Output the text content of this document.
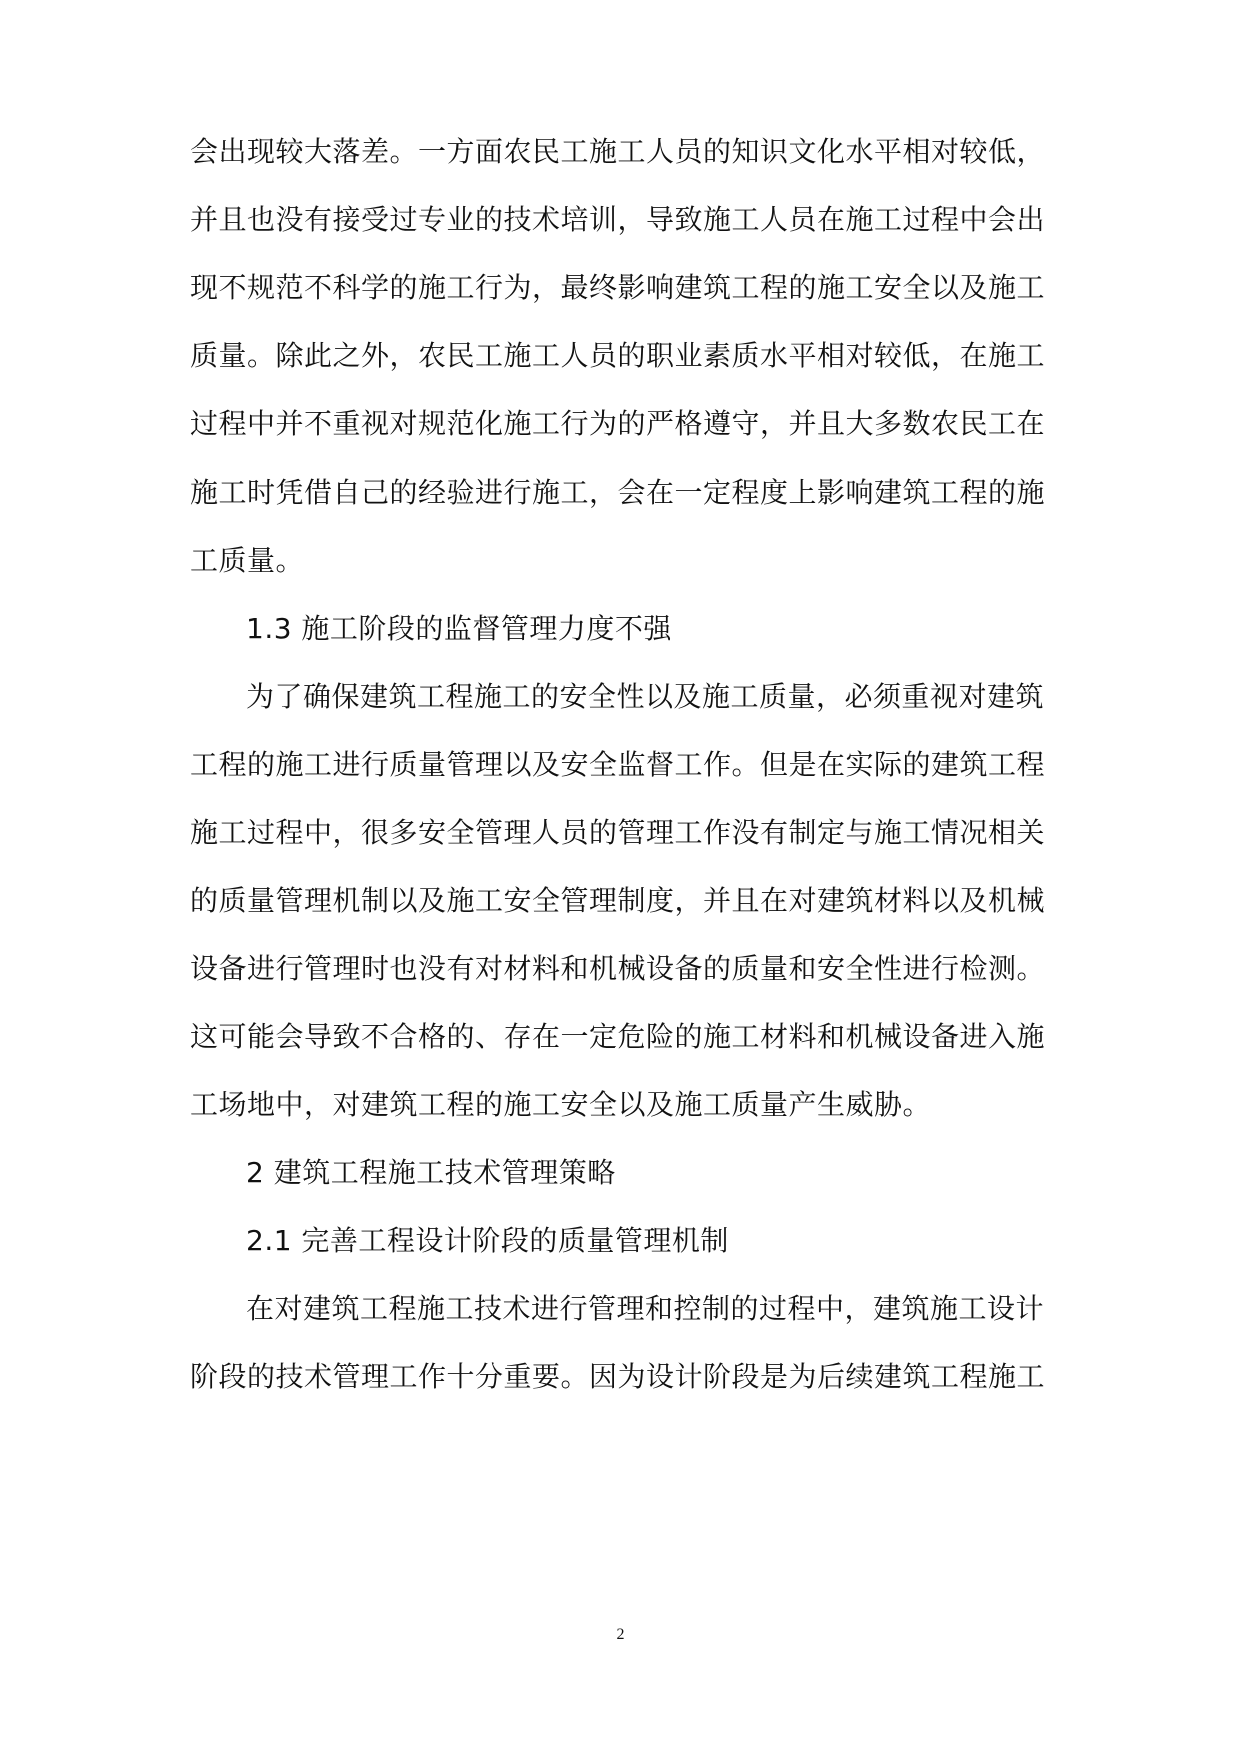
会出现较大落差。一方面农民工施工人员的知识文化水平相对较低，
并且也没有接受过专业的技术培训，导致施工人员在施工过程中会出
现不规范不科学的施工行为，最终影响建筑工程的施工安全以及施工
质量。除此之外，农民工施工人员的职业素质水平相对较低，在施工
过程中并不重视对规范化施工行为的严格遵守，并且大多数农民工在
施工时凭借自己的经验进行施工，会在一定程度上影响建筑工程的施
工质量。
1.3 施工阶段的监督管理力度不强
为了确保建筑工程施工的安全性以及施工质量，必须重视对建筑
工程的施工进行质量管理以及安全监督工作。但是在实际的建筑工程
施工过程中，很多安全管理人员的管理工作没有制定与施工情况相关
的质量管理机制以及施工安全管理制度，并且在对建筑材料以及机械
设备进行管理时也没有对材料和机械设备的质量和安全性进行检测。
这可能会导致不合格的、存在一定危险的施工材料和机械设备进入施
工场地中，对建筑工程的施工安全以及施工质量产生威胁。
2 建筑工程施工技术管理策略
2.1 完善工程设计阶段的质量管理机制
在对建筑工程施工技术进行管理和控制的过程中，建筑施工设计
阶段的技术管理工作十分重要。因为设计阶段是为后续建筑工程施工
2
